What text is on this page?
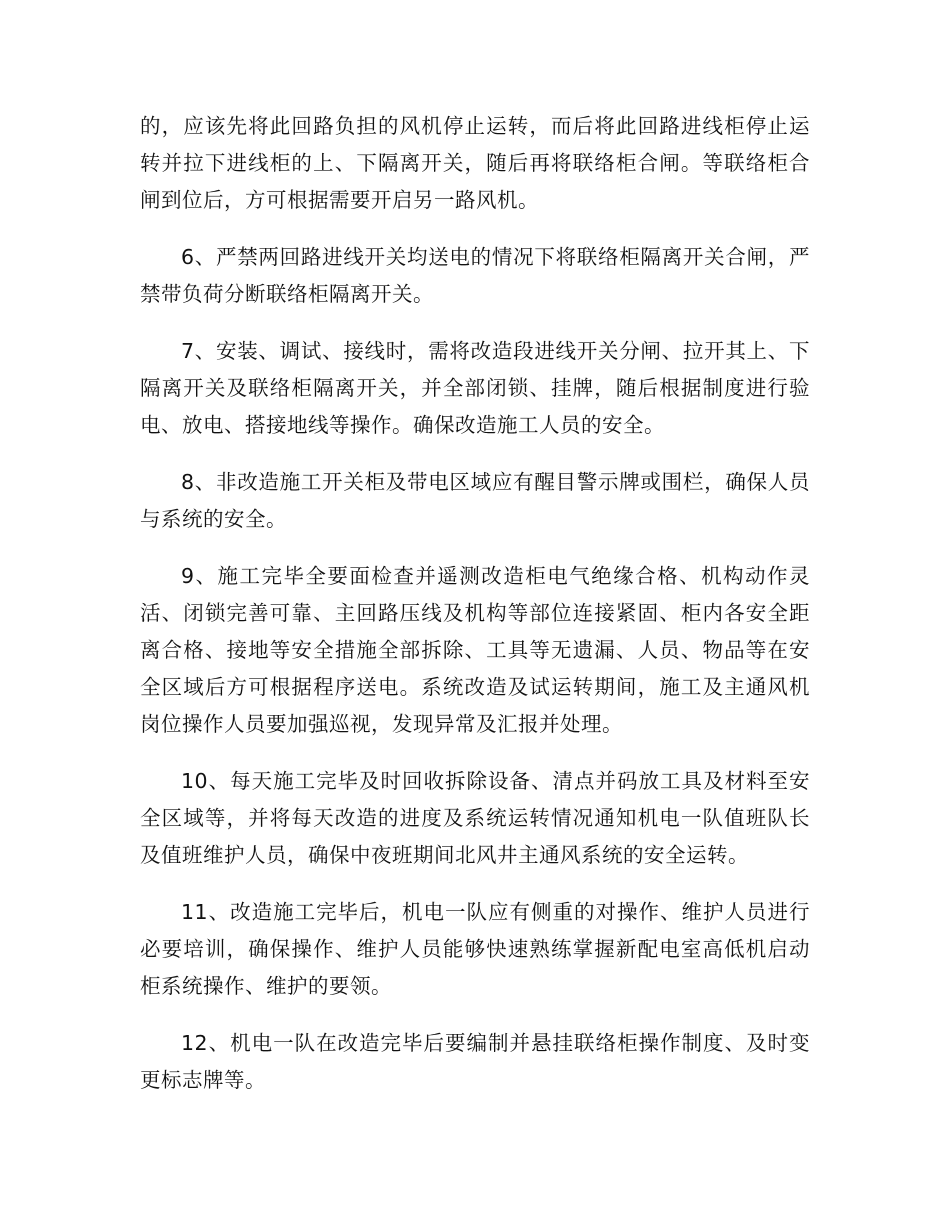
的，应该先将此回路负担的风机停止运转，而后将此回路进线柜停止运转并拉下进线柜的上、下隔离开关，随后再将联络柜合闸。等联络柜合闸到位后，方可根据需要开启另一路风机。

6、严禁两回路进线开关均送电的情况下将联络柜隔离开关合闸，严禁带负荷分断联络柜隔离开关。

7、安装、调试、接线时，需将改造段进线开关分闸、拉开其上、下隔离开关及联络柜隔离开关，并全部闭锁、挂牌，随后根据制度进行验电、放电、搭接地线等操作。确保改造施工人员的安全。

8、非改造施工开关柜及带电区域应有醒目警示牌或围栏，确保人员与系统的安全。

9、施工完毕全要面检查并遥测改造柜电气绝缘合格、机构动作灵活、闭锁完善可靠、主回路压线及机构等部位连接紧固、柜内各安全距离合格、接地等安全措施全部拆除、工具等无遗漏、人员、物品等在安全区域后方可根据程序送电。系统改造及试运转期间，施工及主通风机岗位操作人员要加强巡视，发现异常及汇报并处理。

10、每天施工完毕及时回收拆除设备、清点并码放工具及材料至安全区域等，并将每天改造的进度及系统运转情况通知机电一队值班队长及值班维护人员，确保中夜班期间北风井主通风系统的安全运转。

11、改造施工完毕后，机电一队应有侧重的对操作、维护人员进行必要培训，确保操作、维护人员能够快速熟练掌握新配电室高低机启动柜系统操作、维护的要领。

12、机电一队在改造完毕后要编制并悬挂联络柜操作制度、及时变更标志牌等。
